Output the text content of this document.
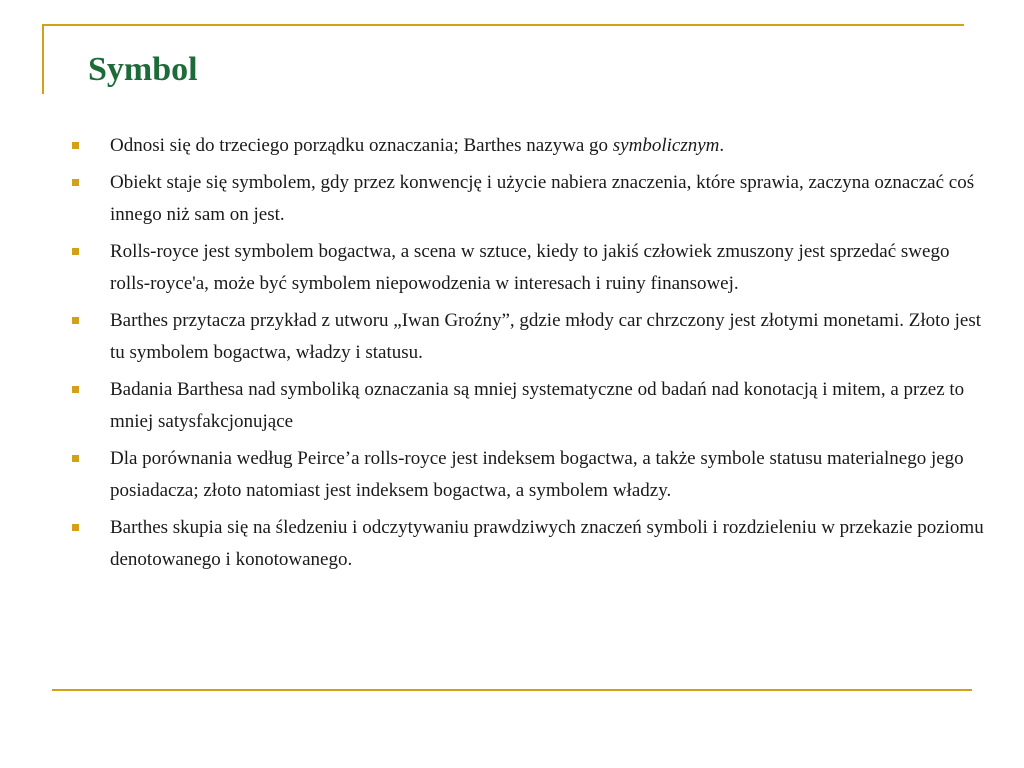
Symbol
Odnosi się do trzeciego porządku oznaczania; Barthes nazywa go symbolicznym.
Obiekt staje się symbolem, gdy przez konwencję i użycie nabiera znaczenia, które sprawia, zaczyna oznaczać coś innego niż sam on jest.
Rolls-royce jest symbolem bogactwa, a scena w sztuce, kiedy to jakiś człowiek zmuszony jest sprzedać swego rolls-royce'a, może być symbolem niepowodzenia w interesach i ruiny finansowej.
Barthes przytacza przykład z utworu „Iwan Groźny”, gdzie młody car chrzczony jest złotymi monetami. Złoto jest tu symbolem bogactwa, władzy i statusu.
Badania Barthesa nad symboliką oznaczania są mniej systematyczne od badań nad konotacją i mitem, a przez to mniej satysfakcjonujące
Dla porównania według Peirce’a rolls-royce jest indeksem bogactwa, a także symbole statusu materialnego jego posiadacza; złoto natomiast jest indeksem bogactwa, a symbolem władzy.
Barthes skupia się na śledzeniu i odczytywaniu prawdziwych znaczeń symboli i rozdzieleniu w przekazie poziomu denotowanego i konotowanego.
